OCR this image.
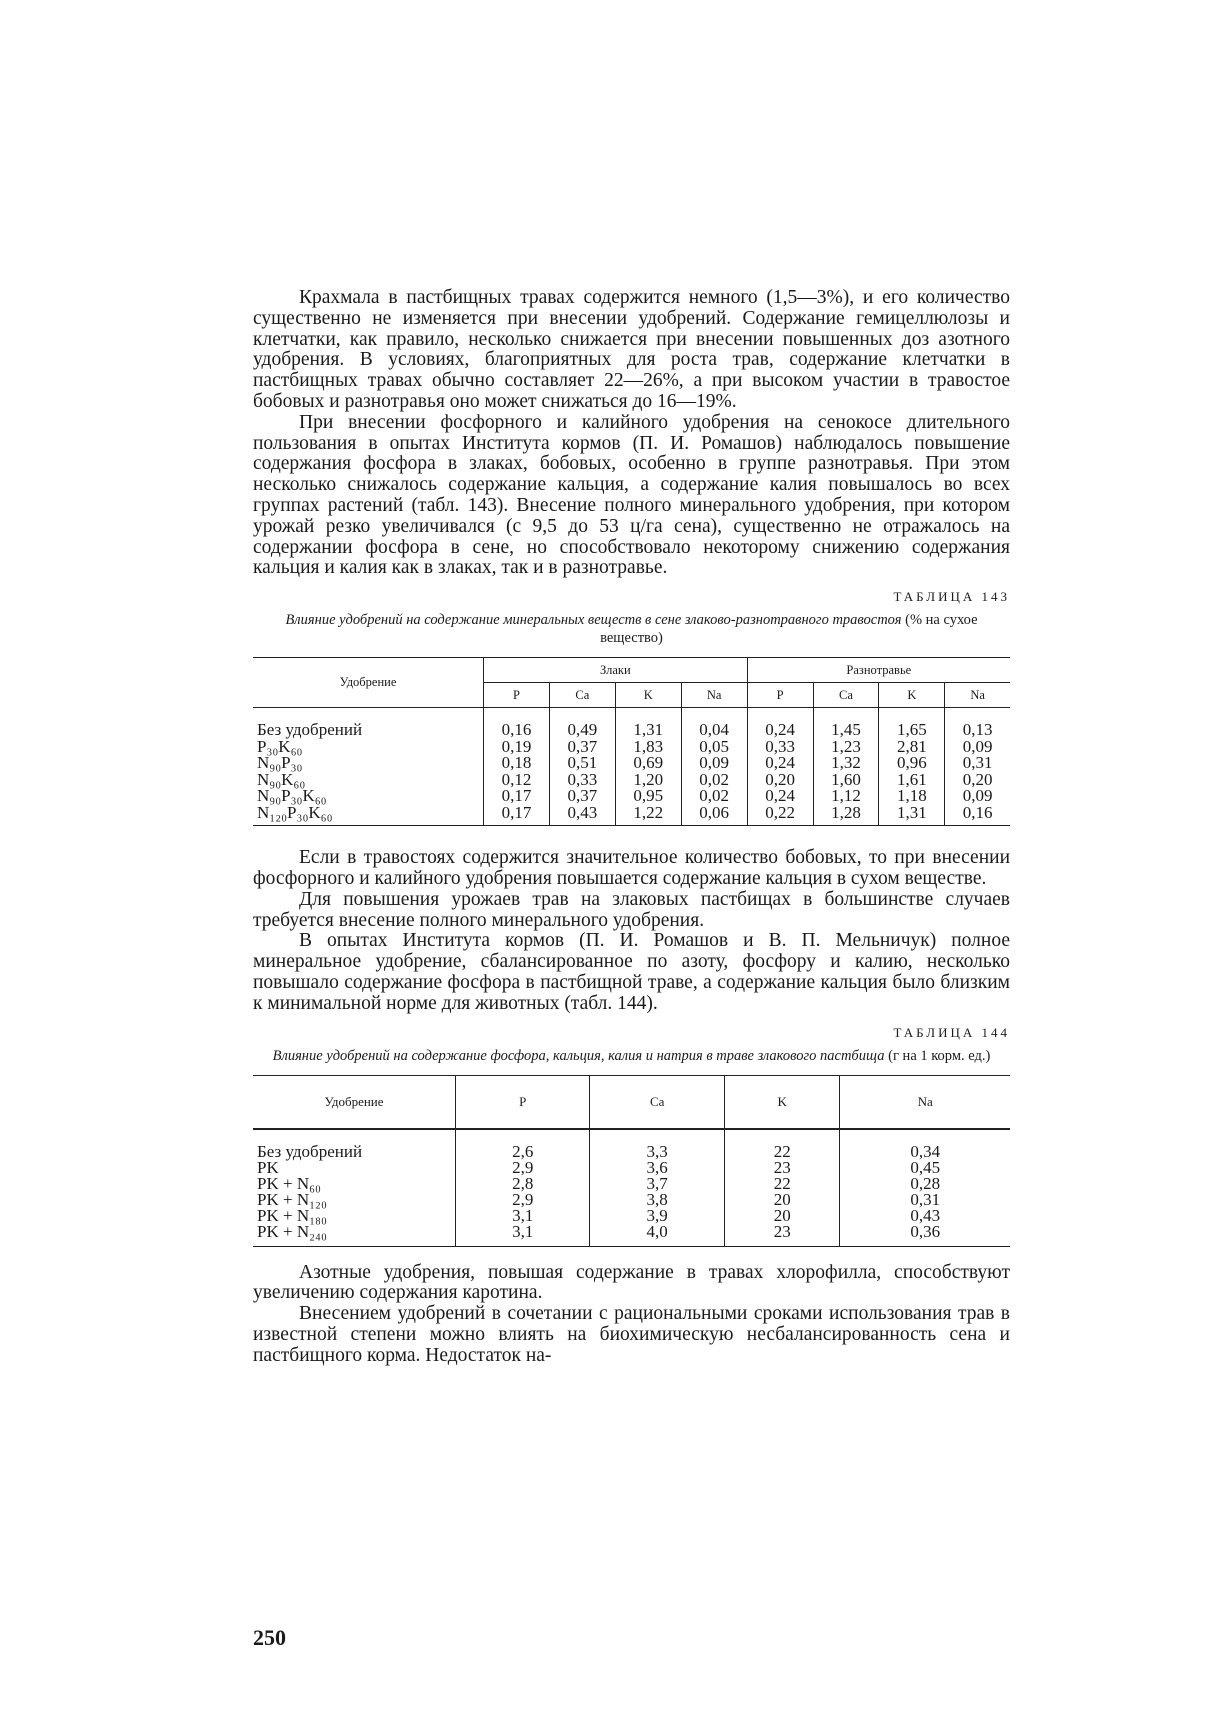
Крахмала в пастбищных травах содержится немного (1,5—3%), и его количество существенно не изменяется при внесении удобрений. Содержание гемицеллюлозы и клетчатки, как правило, несколько снижается при внесении повышенных доз азотного удобрения. В условиях, благоприятных для роста трав, содержание клетчатки в пастбищных травах обычно составляет 22—26%, а при высоком участии в травостое бобовых и разнотравья оно может снижаться до 16—19%.

При внесении фосфорного и калийного удобрения на сенокосе длительного пользования в опытах Института кормов (П. И. Ромашов) наблюдалось повышение содержания фосфора в злаках, бобовых, особенно в группе разнотравья. При этом несколько снижалось содержание кальция, а содержание калия повышалось во всех группах растений (табл. 143). Внесение полного минерального удобрения, при котором урожай резко увеличивался (с 9,5 до 53 ц/га сена), существенно не отражалось на содержании фосфора в сене, но способствовало некоторому снижению содержания кальция и калия как в злаках, так и в разнотравье.

ТАБЛИЦА 143
Влияние удобрений на содержание минеральных веществ в сене злаково-разнотравного травостоя (% на сухое вещество)
Удобрение	Злаки				Разнотравье			
	P	Ca	K	Na	P	Ca	K	Na
Без удобрений	0,16	0,49	1,31	0,04	0,24	1,45	1,65	0,13
P₃₀K₆₀	0,19	0,37	1,83	0,05	0,33	1,23	2,81	0,09
N₉₀P₃₀	0,18	0,51	0,69	0,09	0,24	1,32	0,96	0,31
N₉₀K₆₀	0,12	0,33	1,20	0,02	0,20	1,60	1,61	0,20
N₉₀P₃₀K₆₀	0,17	0,37	0,95	0,02	0,24	1,12	1,18	0,09
N₁₂₀P₃₀K₆₀	0,17	0,43	1,22	0,06	0,22	1,28	1,31	0,16

Если в травостоях содержится значительное количество бобовых, то при внесении фосфорного и калийного удобрения повышается содержание кальция в сухом веществе.

Для повышения урожаев трав на злаковых пастбищах в большинстве случаев требуется внесение полного минерального удобрения.

В опытах Института кормов (П. И. Ромашов и В. П. Мельничук) полное минеральное удобрение, сбалансированное по азоту, фосфору и калию, несколько повышало содержание фосфора в пастбищной траве, а содержание кальция было близким к минимальной норме для животных (табл. 144).

ТАБЛИЦА 144
Влияние удобрений на содержание фосфора, кальция, калия и натрия в траве злакового пастбища (г на 1 корм. ед.)
Удобрение	P	Ca	K	Na
Без удобрений	2,6	3,3	22	0,34
PK	2,9	3,6	23	0,45
PK + N₆₀	2,8	3,7	22	0,28
PK + N₁₂₀	2,9	3,8	20	0,31
PK + N₁₈₀	3,1	3,9	20	0,43
PK + N₂₄₀	3,1	4,0	23	0,36

Азотные удобрения, повышая содержание в травах хлорофилла, способствуют увеличению содержания каротина.

Внесением удобрений в сочетании с рациональными сроками использования трав в известной степени можно влиять на биохимическую несбалансированность сена и пастбищного корма. Недостаток на-

250
